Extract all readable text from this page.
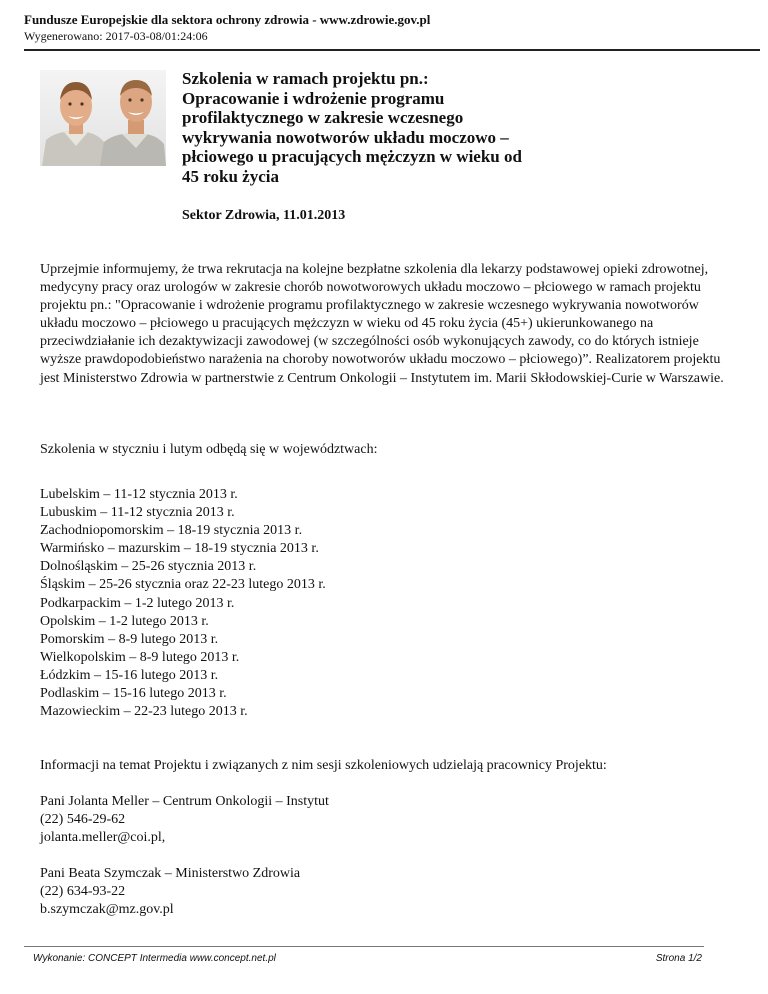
Fundusze Europejskie dla sektora ochrony zdrowia - www.zdrowie.gov.pl
Wygenerowano: 2017-03-08/01:24:06
Szkolenia w ramach projektu pn.: Opracowanie i wdrożenie programu profilaktycznego w zakresie wczesnego wykrywania nowotworów układu moczowo – płciowego u pracujących mężczyzn w wieku od 45 roku życia
Sektor Zdrowia, 11.01.2013

Uprzejmie informujemy, że trwa rekrutacja na kolejne bezpłatne szkolenia dla lekarzy podstawowej opieki zdrowotnej, medycyny pracy oraz urologów w zakresie chorób nowotworowych układu moczowo – płciowego w ramach projektu projektu pn.: "Opracowanie i wdrożenie programu profilaktycznego w zakresie wczesnego wykrywania nowotworów układu moczowo – płciowego u pracujących mężczyzn w wieku od 45 roku życia (45+) ukierunkowanego na przeciwdziałanie ich dezaktywizacji zawodowej (w szczególności osób wykonujących zawody, co do których istnieje wyższe prawdopodobieństwo narażenia na choroby nowotworów układu moczowo – płciowego)”. Realizatorem projektu jest Ministerstwo Zdrowia w partnerstwie z Centrum Onkologii – Instytutem im. Marii Skłodowskiej-Curie w Warszawie.

Szkolenia w styczniu i lutym odbędą się w województwach:

Lubelskim – 11-12 stycznia 2013 r.
Lubuskim – 11-12 stycznia 2013 r.
Zachodniopomorskim – 18-19 stycznia 2013 r.
Warmińsko – mazurskim – 18-19 stycznia 2013 r.
Dolnośląskim – 25-26 stycznia 2013 r.
Śląskim – 25-26 stycznia oraz 22-23 lutego 2013 r.
Podkarpackim – 1-2 lutego 2013 r.
Opolskim – 1-2 lutego 2013 r.
Pomorskim – 8-9 lutego 2013 r.
Wielkopolskim – 8-9 lutego 2013 r.
Łódzkim – 15-16 lutego 2013 r.
Podlaskim – 15-16 lutego 2013 r.
Mazowieckim – 22-23 lutego 2013 r.

Informacji na temat Projektu i związanych z nim sesji szkoleniowych udzielają pracownicy Projektu:

Pani Jolanta Meller – Centrum Onkologii – Instytut
(22) 546-29-62
jolanta.meller@coi.pl,
Pani Beata Szymczak – Ministerstwo Zdrowia
(22) 634-93-22
b.szymczak@mz.gov.pl
Wykonanie: CONCEPT Intermedia www.concept.net.pl	Strona 1/2
